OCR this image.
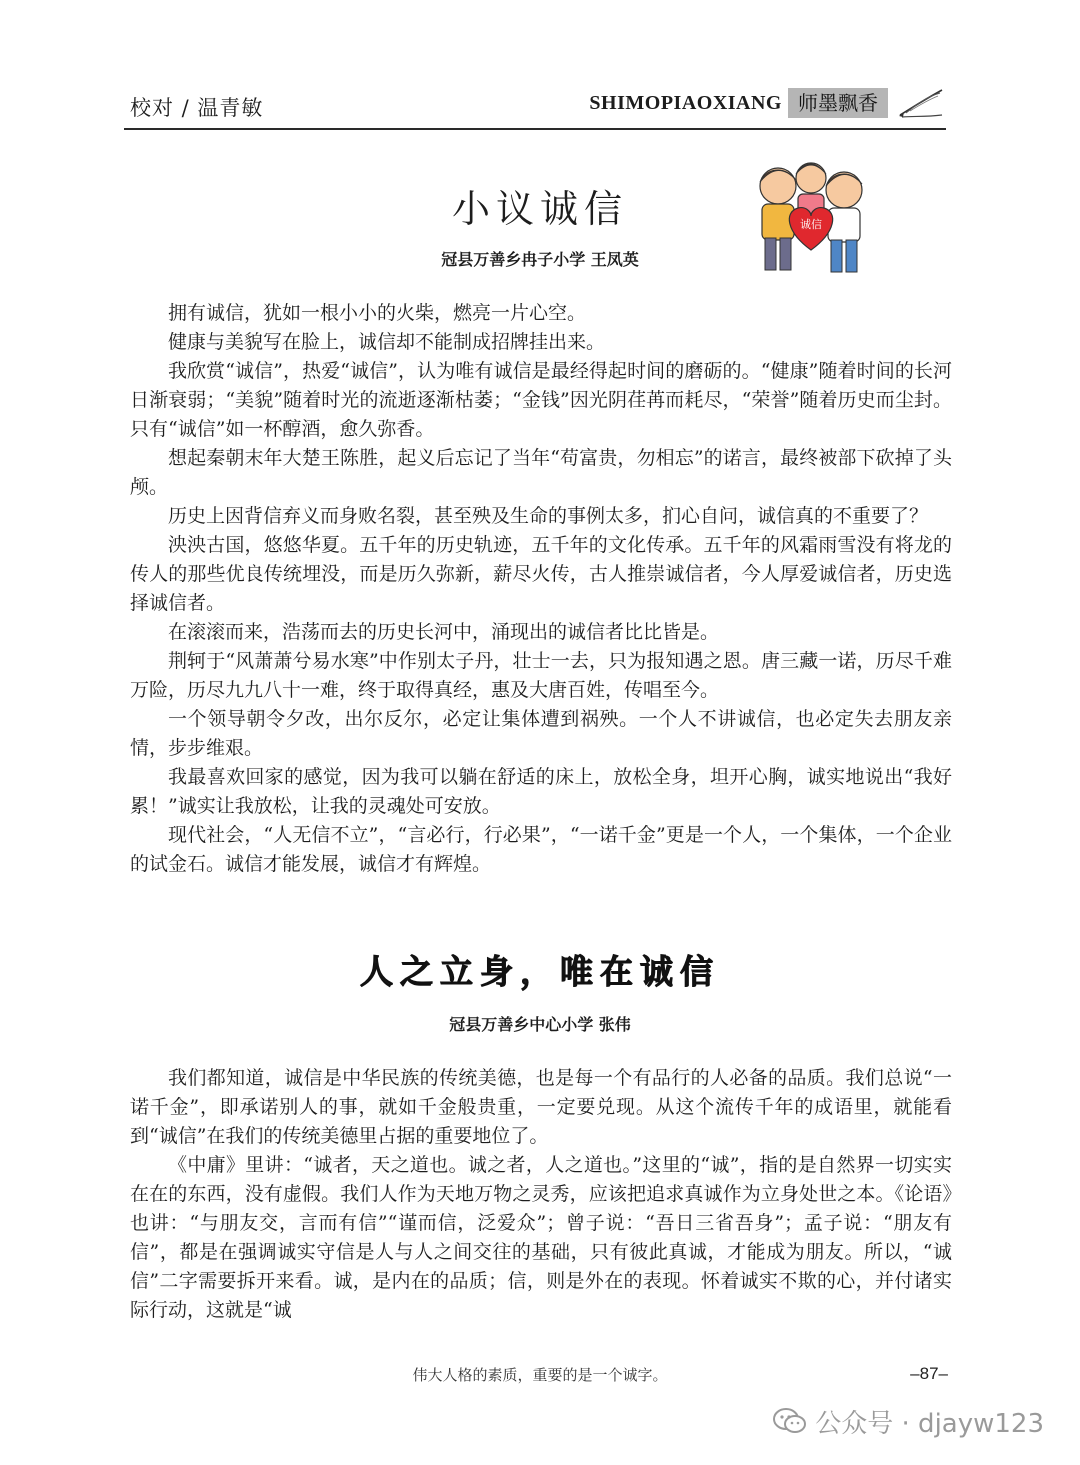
校对 / 温青敏	SHIMOPIAOXIANG 师墨飘香
小议诚信
冠县万善乡冉子小学 王凤英
诚信

拥有诚信，犹如一根小小的火柴，燃亮一片心空。

健康与美貌写在脸上，诚信却不能制成招牌挂出来。

我欣赏“诚信”，热爱“诚信”，认为唯有诚信是最经得起时间的磨砺的。“健康”随着时间的长河日渐衰弱；“美貌”随着时光的流逝逐渐枯萎；“金钱”因光阴荏苒而耗尽，“荣誉”随着历史而尘封。只有“诚信”如一杯醇酒，愈久弥香。

想起秦朝末年大楚王陈胜，起义后忘记了当年“苟富贵，勿相忘”的诺言，最终被部下砍掉了头颅。

历史上因背信弃义而身败名裂，甚至殃及生命的事例太多，扪心自问，诚信真的不重要了？

泱泱古国，悠悠华夏。五千年的历史轨迹，五千年的文化传承。五千年的风霜雨雪没有将龙的传人的那些优良传统埋没，而是历久弥新，薪尽火传，古人推崇诚信者，今人厚爱诚信者，历史选择诚信者。

在滚滚而来，浩荡而去的历史长河中，涌现出的诚信者比比皆是。

荆轲于“风萧萧兮易水寒”中作别太子丹，壮士一去，只为报知遇之恩。唐三藏一诺，历尽千难万险，历尽九九八十一难，终于取得真经，惠及大唐百姓，传唱至今。

一个领导朝令夕改，出尔反尔，必定让集体遭到祸殃。一个人不讲诚信，也必定失去朋友亲情，步步维艰。

我最喜欢回家的感觉，因为我可以躺在舒适的床上，放松全身，坦开心胸，诚实地说出“我好累！”诚实让我放松，让我的灵魂处可安放。

现代社会，“人无信不立”，“言必行，行必果”，“一诺千金”更是一个人，一个集体，一个企业的试金石。诚信才能发展，诚信才有辉煌。

人之立身，唯在诚信
冠县万善乡中心小学 张伟

我们都知道，诚信是中华民族的传统美德，也是每一个有品行的人必备的品质。我们总说“一诺千金”，即承诺别人的事，就如千金般贵重，一定要兑现。从这个流传千年的成语里，就能看到“诚信”在我们的传统美德里占据的重要地位了。

《中庸》里讲：“诚者，天之道也。诚之者，人之道也。”这里的“诚”，指的是自然界一切实实在在的东西，没有虚假。我们人作为天地万物之灵秀，应该把追求真诚作为立身处世之本。《论语》也讲：“与朋友交，言而有信”“谨而信，泛爱众”；曾子说：“吾日三省吾身”；孟子说：“朋友有信”，都是在强调诚实守信是人与人之间交往的基础，只有彼此真诚，才能成为朋友。所以，“诚信”二字需要拆开来看。诚，是内在的品质；信，则是外在的表现。怀着诚实不欺的心，并付诸实际行动，这就是“诚

伟大人格的素质，重要的是一个诚字。	–87–
公众号 · djayw123
